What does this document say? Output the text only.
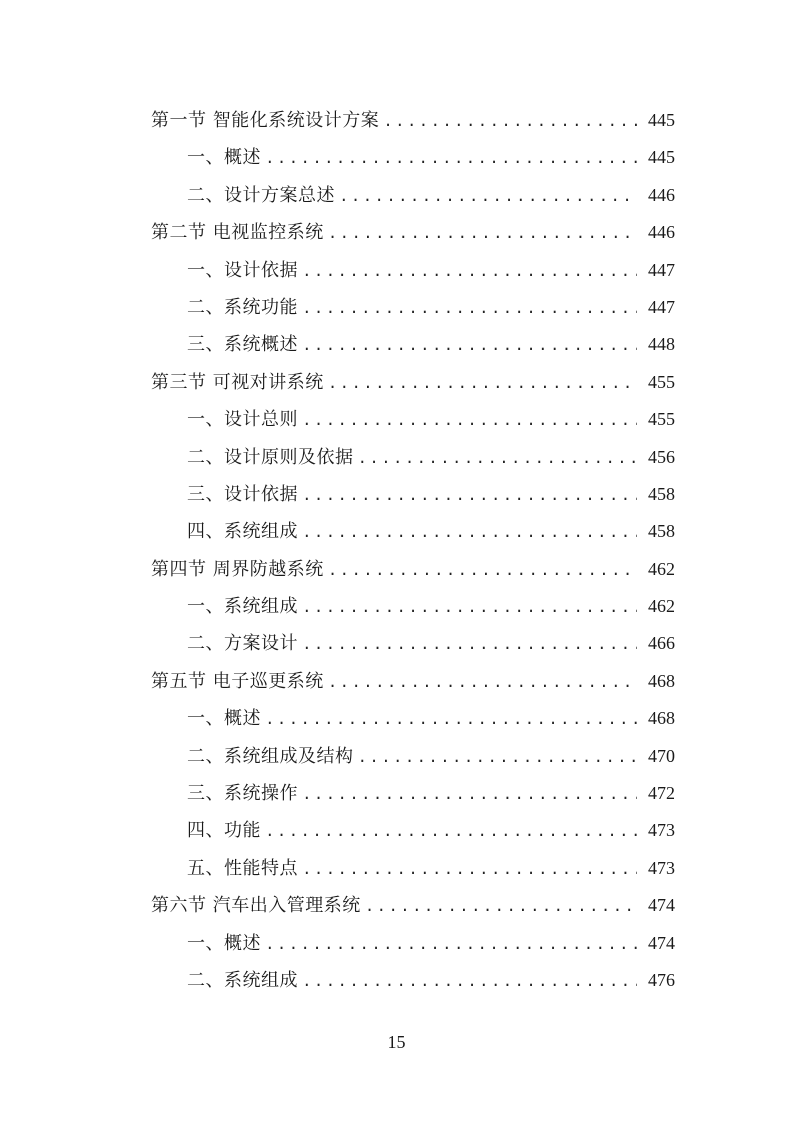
第一节 智能化系统设计方案 .....	445
一、概述 .....	445
二、设计方案总述 .....	446
第二节 电视监控系统 .....	446
一、设计依据 .....	447
二、系统功能 .....	447
三、系统概述 .....	448
第三节 可视对讲系统 .....	455
一、设计总则 .....	455
二、设计原则及依据 .....	456
三、设计依据 .....	458
四、系统组成 .....	458
第四节 周界防越系统 .....	462
一、系统组成 .....	462
二、方案设计 .....	466
第五节 电子巡更系统 .....	468
一、概述 .....	468
二、系统组成及结构 .....	470
三、系统操作 .....	472
四、功能 .....	473
五、性能特点 .....	473
第六节 汽车出入管理系统 .....	474
一、概述 .....	474
二、系统组成 .....	476
15
